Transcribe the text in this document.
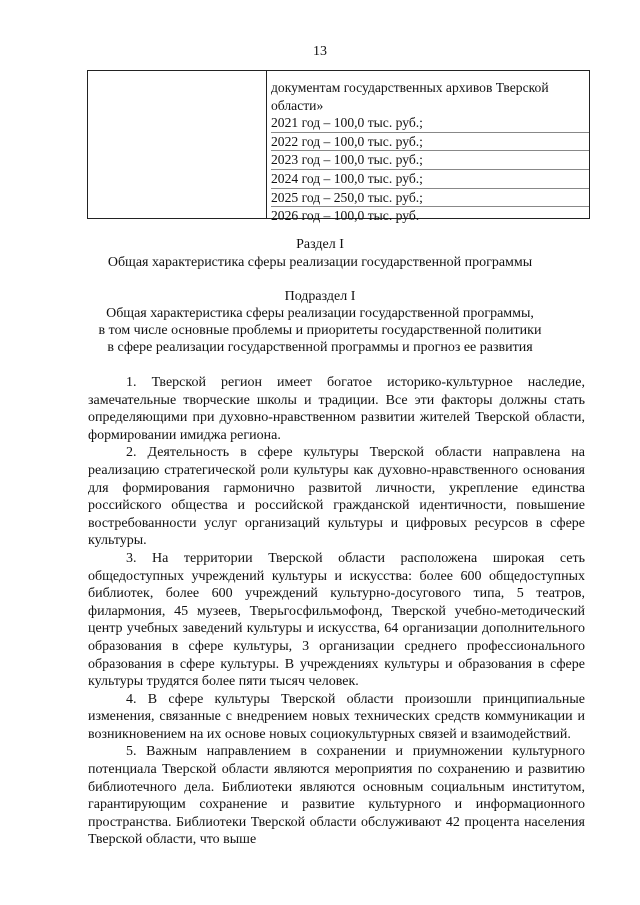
13
документам государственных архивов Тверской
области»
2021 год – 100,0 тыс. руб.;
2022 год – 100,0 тыс. руб.;
2023 год – 100,0 тыс. руб.;
2024 год – 100,0 тыс. руб.;
2025 год – 250,0 тыс. руб.;
2026 год – 100,0 тыс. руб.
Раздел I
Общая характеристика сферы реализации государственной программы
Подраздел I
Общая характеристика сферы реализации государственной программы,
в том числе основные проблемы и приоритеты государственной политики
в сфере реализации государственной программы и прогноз ее развития

1. Тверской регион имеет богатое историко-культурное наследие, замечательные творческие школы и традиции. Все эти факторы должны стать определяющими при духовно-нравственном развитии жителей Тверской области, формировании имиджа региона.

2. Деятельность в сфере культуры Тверской области направлена на реализацию стратегической роли культуры как духовно-нравственного основания для формирования гармонично развитой личности, укрепление единства российского общества и российской гражданской идентичности, повышение востребованности услуг организаций культуры и цифровых ресурсов в сфере культуры.

3. На территории Тверской области расположена широкая сеть общедоступных учреждений культуры и искусства: более 600 общедоступных библиотек, более 600 учреждений культурно-досугового типа, 5 театров, филармония, 45 музеев, Тверьгосфильмофонд, Тверской учебно-методический центр учебных заведений культуры и искусства, 64 организации дополнительного образования в сфере культуры, 3 организации среднего профессионального образования в сфере культуры. В учреждениях культуры и образования в сфере культуры трудятся более пяти тысяч человек.

4. В сфере культуры Тверской области произошли принципиальные изменения, связанные с внедрением новых технических средств коммуникации и возникновением на их основе новых социокультурных связей и взаимодействий.

5. Важным направлением в сохранении и приумножении культурного потенциала Тверской области являются мероприятия по сохранению и развитию библиотечного дела. Библиотеки являются основным социальным институтом, гарантирующим сохранение и развитие культурного и информационного пространства. Библиотеки Тверской области обслуживают 42 процента населения Тверской области, что выше
